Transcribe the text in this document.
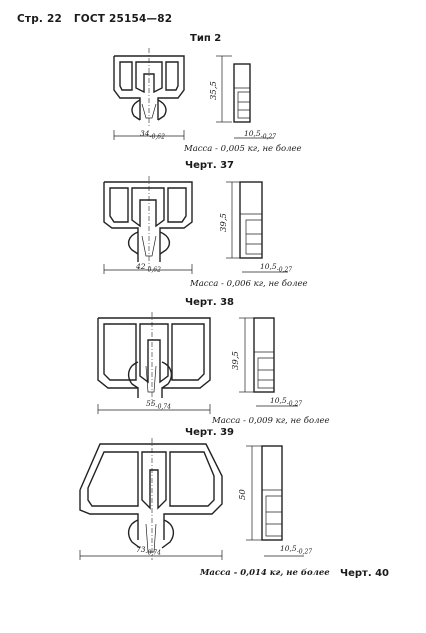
Стр. 22 ГОСТ 25154—82
Тип 2
$34_{-0,62}$
35,5
$10,5_{-0,27}$
Масса - 0,005 кг, не более
Черт. 37
$42_{-0,62}$
39,5
$10,5_{-0,27}$
Масса - 0,006 кг, не более
Черт. 38
$55_{-0,74}$
39,5
$10,5_{-0,27}$
Масса - 0,009 кг, не более
Черт. 39
$73_{-0,74}$
50
$10,5_{-0,27}$
Масса - 0,014 кг, не более Черт. 40
